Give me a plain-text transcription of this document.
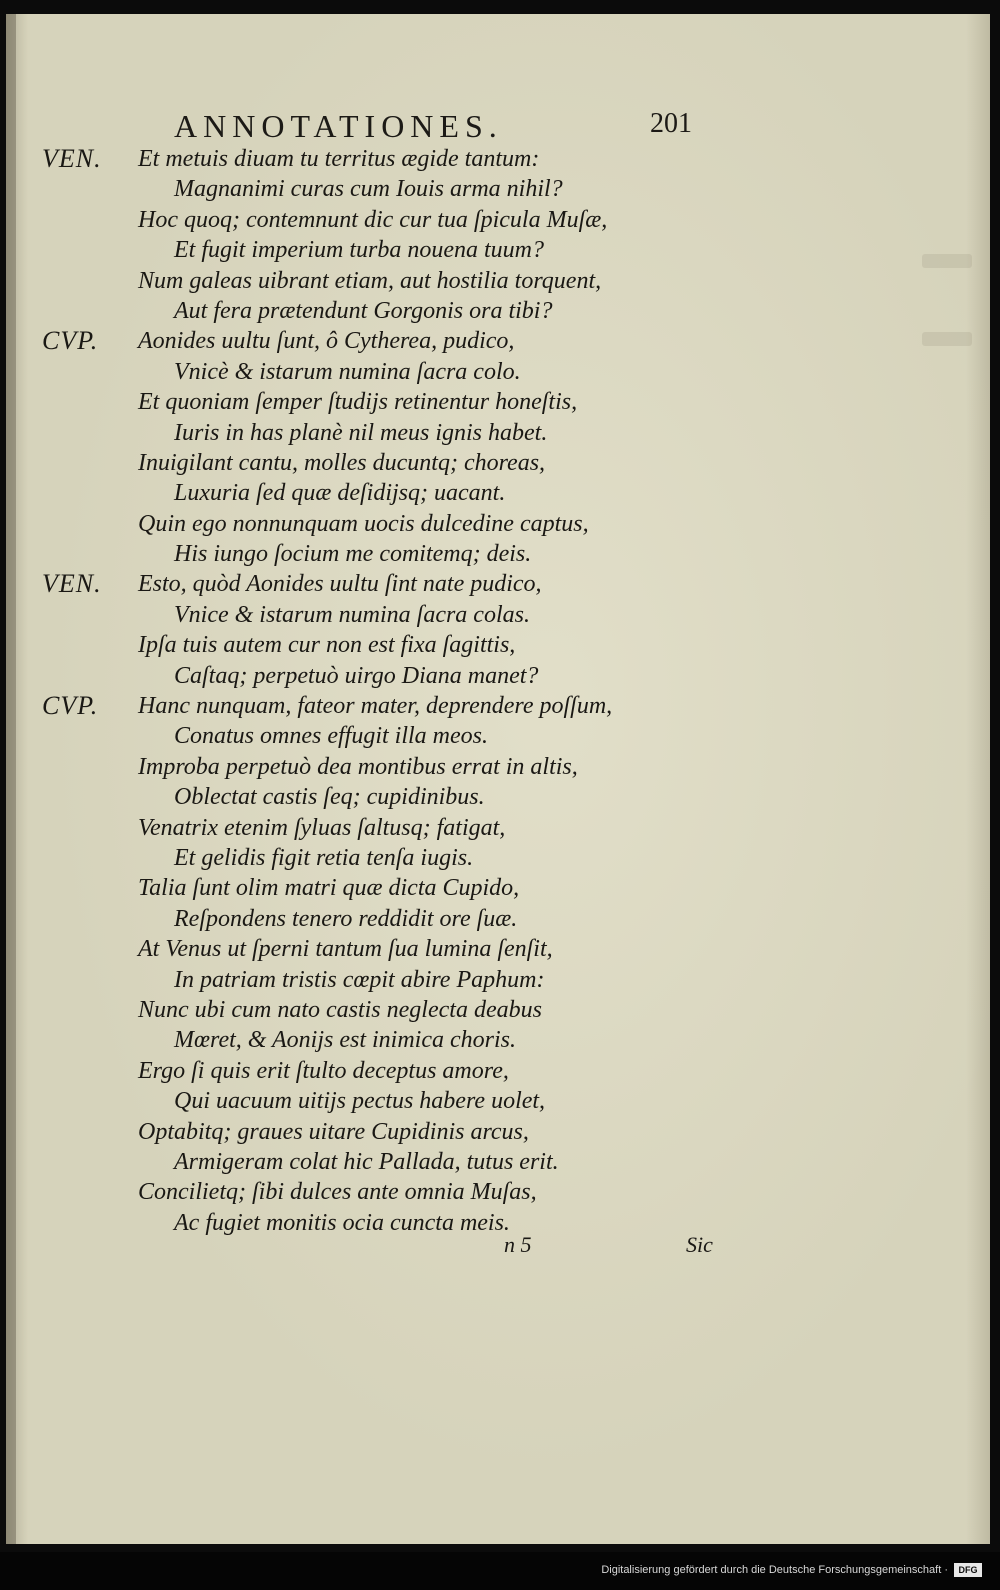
ANNOTATIONES.	201
VEN. Et metuis diuam tu territus ægide tantum:
Magnanimi curas cum Iouis arma nihil?
Hoc quoq; contemnunt dic cur tua ſpicula Muſæ,
Et fugit imperium turba nouena tuum?
Num galeas uibrant etiam, aut hostilia torquent,
Aut fera prætendunt Gorgonis ora tibi?
CVP. Aonides uultu ſunt, ô Cytherea, pudico,
Vnicè & istarum numina ſacra colo.
Et quoniam ſemper ſtudijs retinentur honeſtis,
Iuris in has planè nil meus ignis habet.
Inuigilant cantu, molles ducuntq; choreas,
Luxuria ſed quæ deſidijsq; uacant.
Quin ego nonnunquam uocis dulcedine captus,
His iungo ſocium me comitemq; deis.
VEN. Esto, quòd Aonides uultu ſint nate pudico,
Vnice & istarum numina ſacra colas.
Ipſa tuis autem cur non est fixa ſagittis,
Caſtaq; perpetuò uirgo Diana manet?
CVP. Hanc nunquam, fateor mater, deprendere poſſum,
Conatus omnes effugit illa meos.
Improba perpetuò dea montibus errat in altis,
Oblectat castis ſeq; cupidinibus.
Venatrix etenim ſyluas ſaltusq; fatigat,
Et gelidis figit retia tenſa iugis.
Talia ſunt olim matri quæ dicta Cupido,
Reſpondens tenero reddidit ore ſuæ.
At Venus ut ſperni tantum ſua lumina ſenſit,
In patriam tristis cœpit abire Paphum:
Nunc ubi cum nato castis neglecta deabus
Mœret, & Aonijs est inimica choris.
Ergo ſi quis erit ſtulto deceptus amore,
Qui uacuum uitijs pectus habere uolet,
Optabitq; graues uitare Cupidinis arcus,
Armigeram colat hic Pallada, tutus erit.
Concilietq; ſibi dulces ante omnia Muſas,
Ac fugiet monitis ocia cuncta meis.
n 5	Sic
Digitalisierung gefördert durch die Deutsche Forschungsgemeinschaft ·	DFG
